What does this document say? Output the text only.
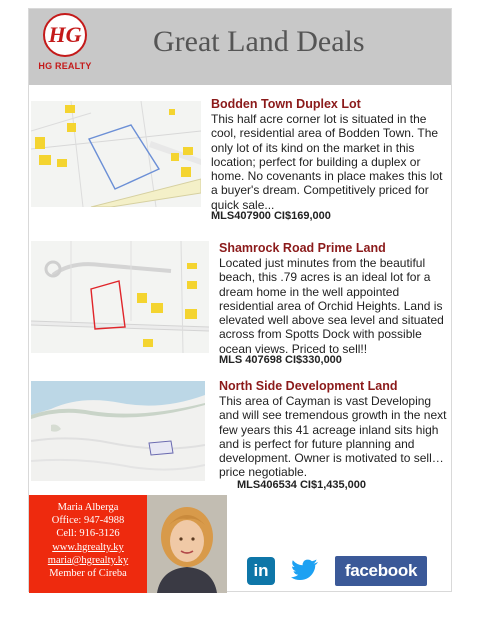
HG
HG REALTY
Great Land Deals
Bodden Town Duplex Lot
This half acre corner lot is situated in the cool, residential area of Bodden Town. The only lot of its kind on the market in this location; perfect for building a duplex or home. No covenants in place makes this lot a buyer's dream. Competitively priced for quick sale...
MLS407900 CI$169,000
Shamrock Road Prime Land
Located just minutes from the beautiful beach, this .79 acres is an ideal lot for a dream home in the well appointed residential area of Orchid Heights. Land is elevated well above sea level and situated across from Spotts Dock with possible ocean views. Priced to sell!!
MLS 407698 CI$330,000
North Side Development Land
This area of Cayman is vast Developing and will see tremendous growth in the next few years this 41 acreage inland sits high and is perfect for future planning and development. Owner is motivated to sell… price negotiable.
MLS406534 CI$1,435,000
Maria Alberga
Office: 947-4988
Cell: 916-3126
www.hgrealty.ky
maria@hgrealty.ky
Member of Cireba	in	facebook
